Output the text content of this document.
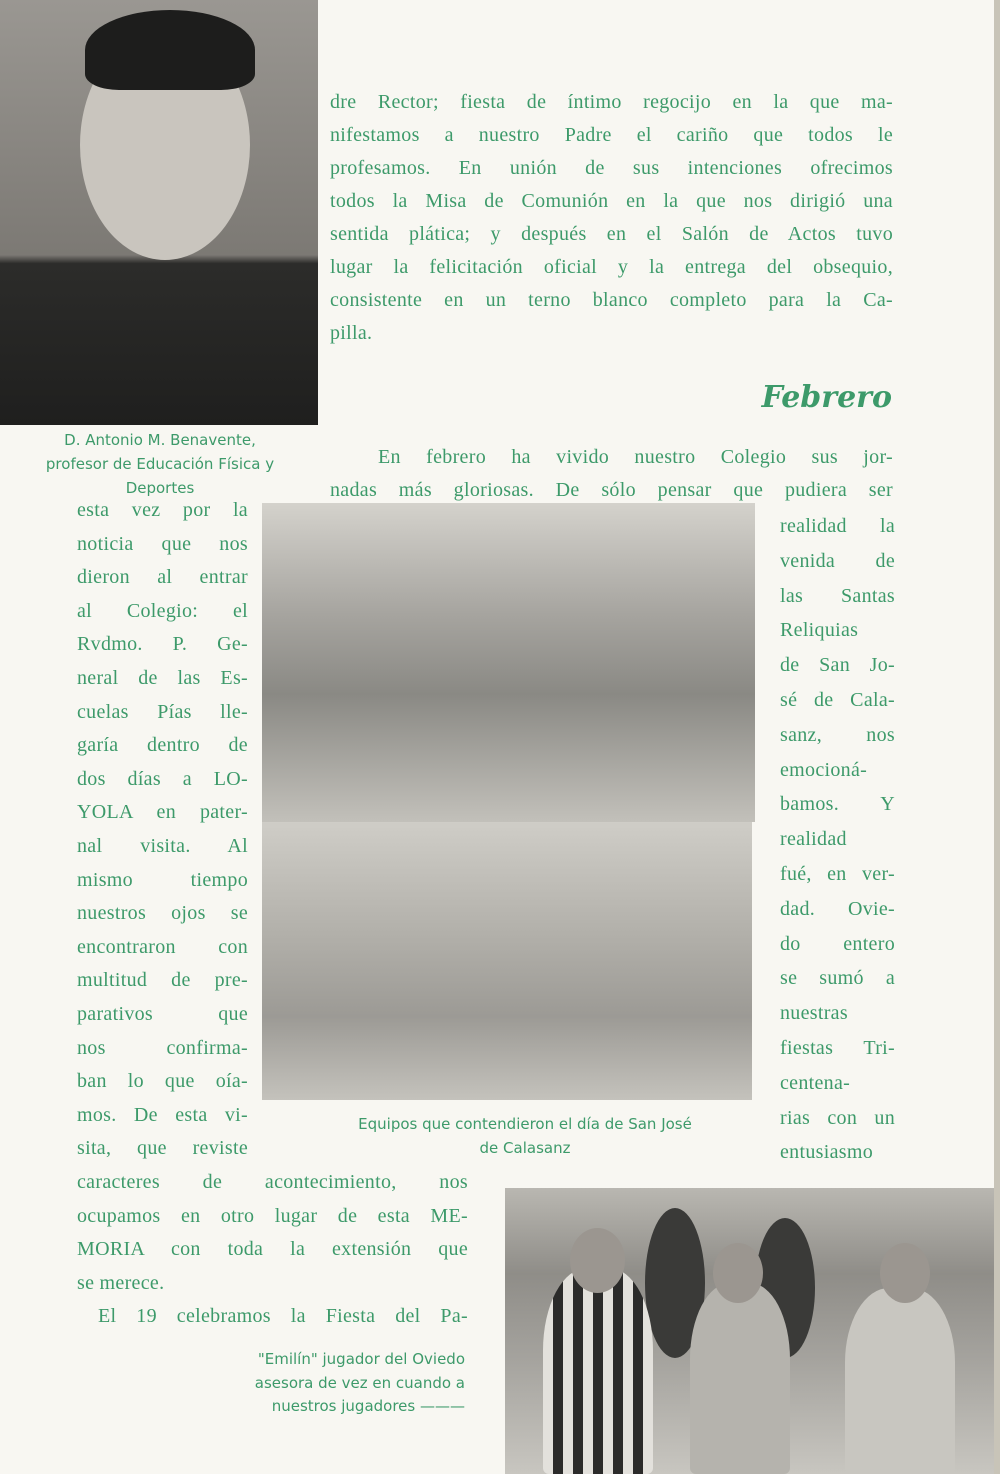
dre Rector; fiesta de íntimo regocijo en la que ma-
nifestamos a nuestro Padre el cariño que todos le
profesamos. En unión de sus intenciones ofrecimos
todos la Misa de Comunión en la que nos dirigió una
sentida plática; y después en el Salón de Actos tuvo
lugar la felicitación oficial y la entrega del obsequio,
consistente en un terno blanco completo para la Ca-
pilla.
Febrero
D. Antonio M. Benavente,
profesor de Educación Física y
Deportes
En febrero ha vivido nuestro Colegio sus jor-
nadas más gloriosas. De sólo pensar que pudiera ser
esta vez por la
noticia que nos
dieron al entrar
al Colegio: el
Rvdmo. P. Ge-
neral de las Es-
cuelas Pías lle-
garía dentro de
dos días a LO-
YOLA en pater-
nal visita. Al
mismo tiempo
nuestros ojos se
encontraron con
multitud de pre-
parativos que
nos confirma-
ban lo que oía-
mos. De esta vi-
sita, que reviste
realidad la
venida de
las Santas
Reliquias
de San Jo-
sé de Cala-
sanz, nos
emocioná-
bamos. Y
realidad
fué, en ver-
dad. Ovie-
do entero
se sumó a
nuestras
fiestas Tri-
centena-
rias con un
entusiasmo
Equipos que contendieron el día de San José
de Calasanz
caracteres de acontecimiento, nos
ocupamos en otro lugar de esta ME-
MORIA con toda la extensión que
se merece.
El 19 celebramos la Fiesta del Pa-
"Emilín" jugador del Oviedo
asesora de vez en cuando a
nuestros jugadores ———
